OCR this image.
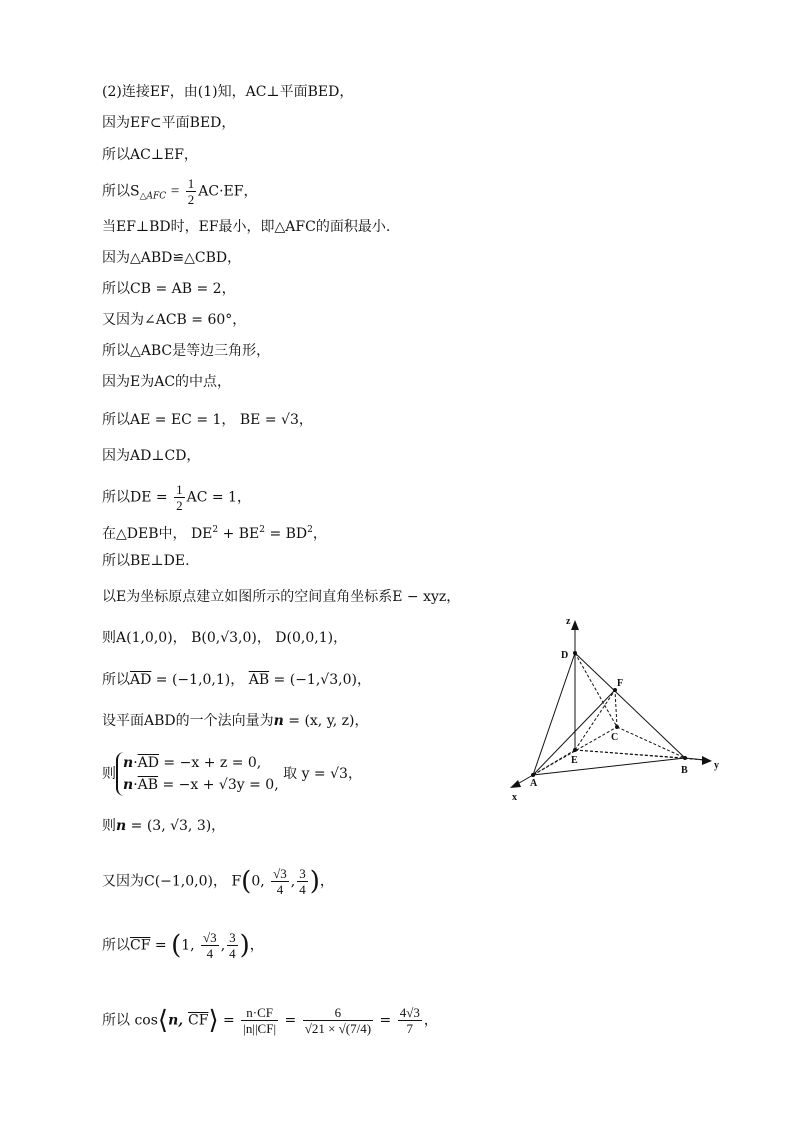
(2)连接EF，由(1)知，AC⊥平面BED，
因为EF⊂平面BED，
所以AC⊥EF，
所以$S_{\triangle AFC} = \frac{1}{2} AC\cdot EF$，
当EF⊥BD时，EF最小，即△AFC的面积最小.
因为△ABD≌△CBD，
所以CB = AB = 2，
又因为∠ACB = 60°，
所以△ABC是等边三角形，
因为E为AC的中点，
所以AE = EC = 1， BE = √3，
因为AD⊥CD，
所以DE = $\frac{1}{2}$ AC = 1，
在△DEB中， $DE^2 + BE^2 = BD^2$，
所以BE⊥DE.
以E为坐标原点建立如图所示的空间直角坐标系E − xyz，
则A(1,0,0)， B(0,√3,0)， D(0,0,1)，
所以$\overline{AD} = (-1,0,1)$， $\overline{AB} = (-1,√3,0)$，
设平面ABD的一个法向量为n = (x, y, z)，
则
$n\cdot\overline{AD} = -x + z = 0$,
$n\cdot\overline{AB} = -x + √3y = 0$,
取 y = √3，
则n = (3, √3, 3)，
又因为C(−1,0,0)， F(0, $\frac{√3}{4}$ , $\frac{3}{4}$ )，
所以$\overline{CF} = (1$, $\frac{√3}{4}$ , $\frac{3}{4}$ )，
所以 cos⟨n, $\overline{CF}⟩ = \frac{n\cdot CF}{|n||CF|} = \frac{6}{√21 \times √(7/4)} = \frac{4√3}{7}$ ，
z
D
F
C
E
A
B	y
x
